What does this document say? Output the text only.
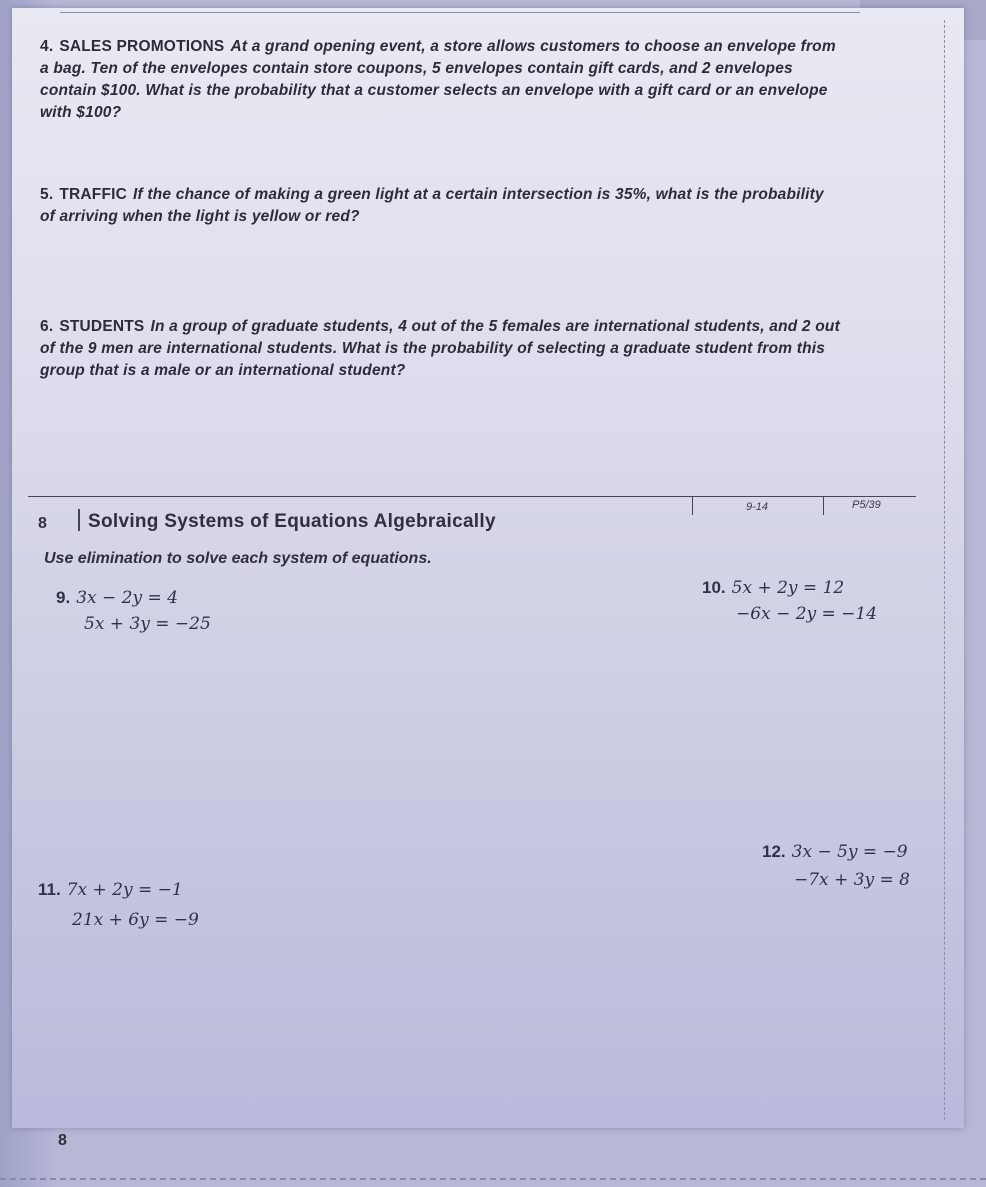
4. SALES PROMOTIONS At a grand opening event, a store allows customers to choose an envelope from a bag. Ten of the envelopes contain store coupons, 5 envelopes contain gift cards, and 2 envelopes contain $100. What is the probability that a customer selects an envelope with a gift card or an envelope with $100?
5. TRAFFIC If the chance of making a green light at a certain intersection is 35%, what is the probability of arriving when the light is yellow or red?
6. STUDENTS In a group of graduate students, 4 out of the 5 females are international students, and 2 out of the 9 men are international students. What is the probability of selecting a graduate student from this group that is a male or an international student?
9-14	P5/39
8 Solving Systems of Equations Algebraically
Use elimination to solve each system of equations.
9. 3x − 2y = 4
5x + 3y = −25
10. 5x + 2y = 12
−6x − 2y = −14
11. 7x + 2y = −1
21x + 6y = −9
12. 3x − 5y = −9
−7x + 3y = 8
8
